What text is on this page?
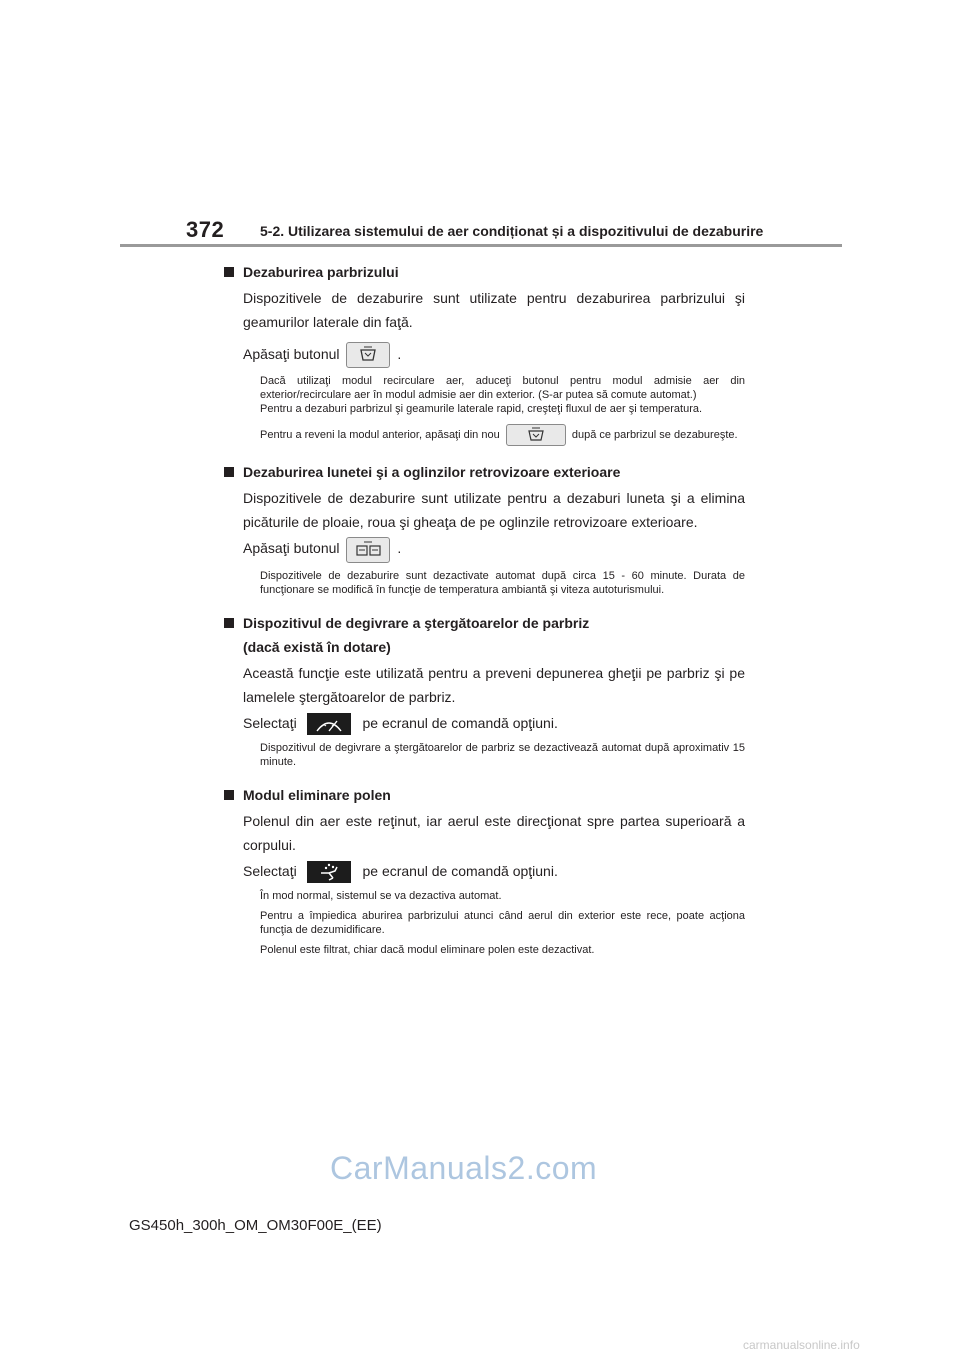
372	5-2. Utilizarea sistemului de aer condiționat și a dispozitivului de dezaburire
Dezaburirea parbrizului
Dispozitivele de dezaburire sunt utilizate pentru dezaburirea parbrizului şi geamurilor laterale din faţă.
Apăsaţi butonul	.

Dacă utilizaţi modul recirculare aer, aduceţi butonul pentru modul admisie aer din exterior/recirculare aer în modul admisie aer din exterior. (S-ar putea să comute automat.)

Pentru a dezaburi parbrizul şi geamurile laterale rapid, creşteţi fluxul de aer şi temperatura.

Pentru a reveni la modul anterior, apăsaţi din nou	după ce parbrizul se dezabureşte.

Dezaburirea lunetei şi a oglinzilor retrovizoare exterioare
Dispozitivele de dezaburire sunt utilizate pentru a dezaburi luneta şi a elimina picăturile de ploaie, roua şi gheaţa de pe oglinzile retrovizoare exterioare.
Apăsaţi butonul	.

Dispozitivele de dezaburire sunt dezactivate automat după circa 15 - 60 minute. Durata de funcţionare se modifică în funcţie de temperatura ambiantă şi viteza autoturismului.

Dispozitivul de degivrare a ştergătoarelor de parbriz
(dacă există în dotare)
Această funcţie este utilizată pentru a preveni depunerea gheţii pe parbriz şi pe lamelele ştergătoarelor de parbriz.
Selectaţi	pe ecranul de comandă opţiuni.

Dispozitivul de degivrare a ştergătoarelor de parbriz se dezactivează automat după aproximativ 15 minute.

Modul eliminare polen
Polenul din aer este reţinut, iar aerul este direcţionat spre partea superioară a corpului.
Selectaţi	pe ecranul de comandă opţiuni.

În mod normal, sistemul se va dezactiva automat.

Pentru a împiedica aburirea parbrizului atunci când aerul din exterior este rece, poate acţiona funcţia de dezumidificare.

Polenul este filtrat, chiar dacă modul eliminare polen este dezactivat.

CarManuals2.com
GS450h_300h_OM_OM30F00E_(EE)
carmanualsonline.info
